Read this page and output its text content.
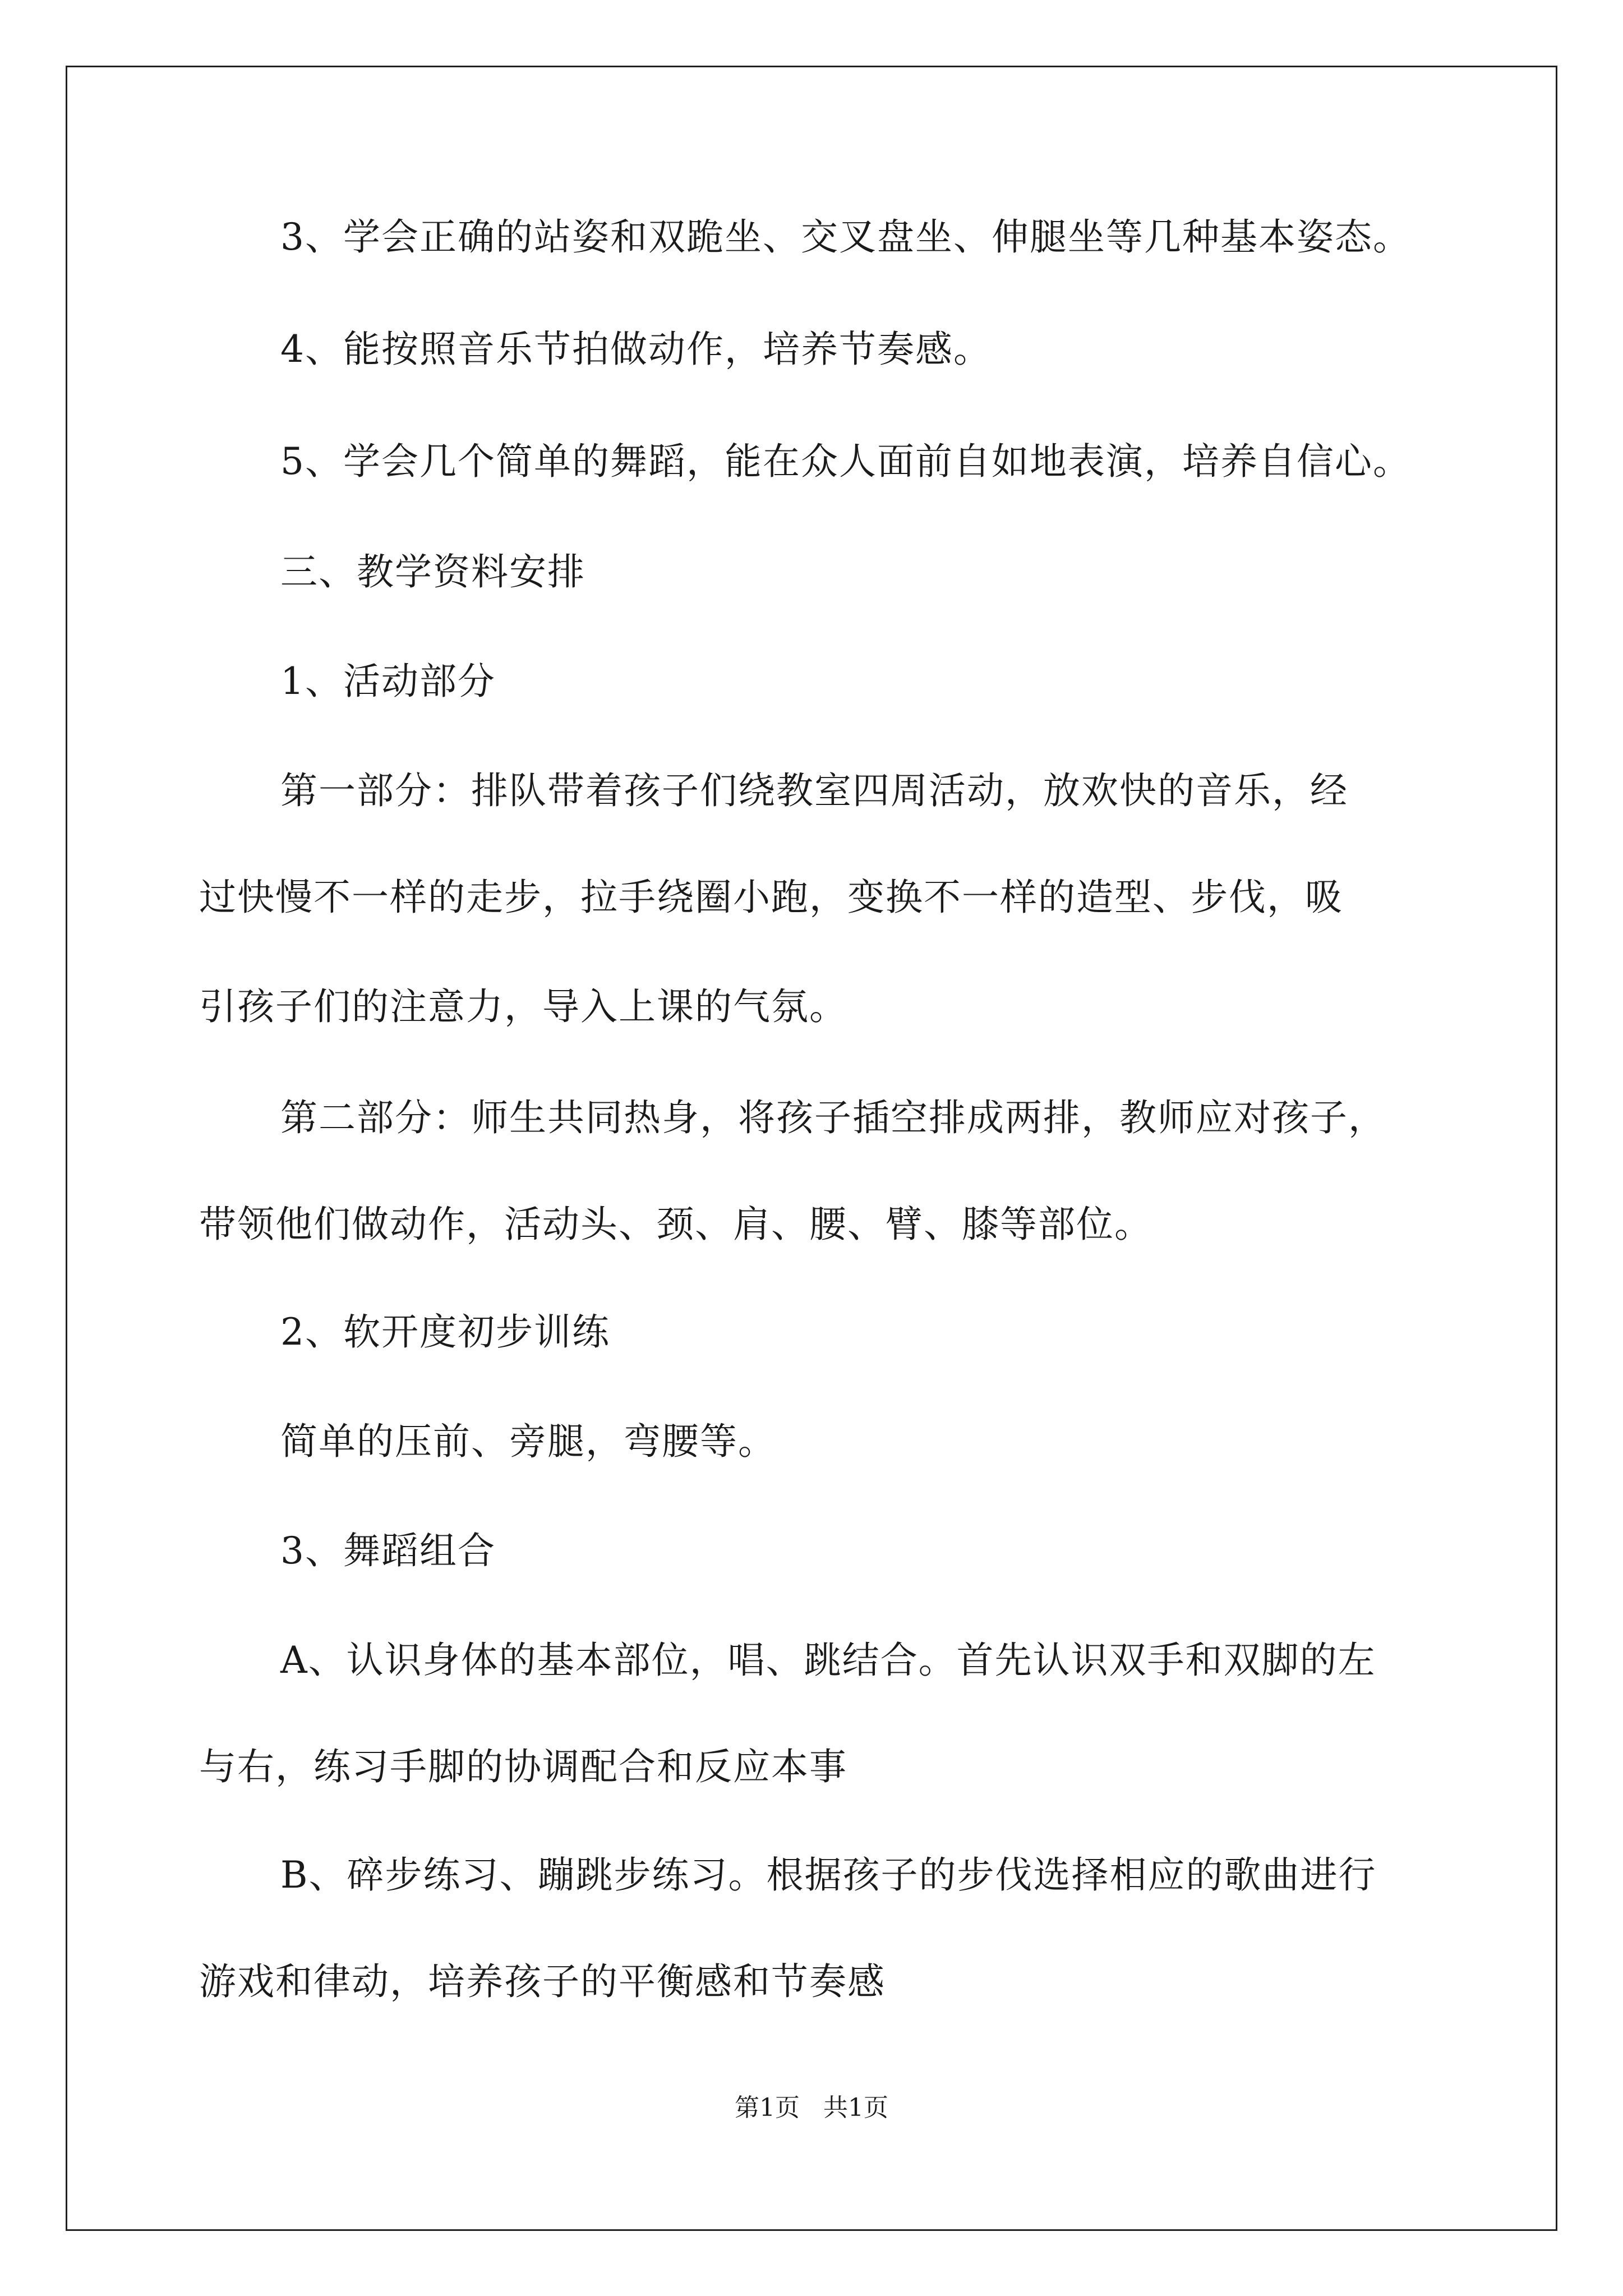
3、学会正确的站姿和双跪坐、交叉盘坐、伸腿坐等几种基本姿态。
4、能按照音乐节拍做动作，培养节奏感。
5、学会几个简单的舞蹈，能在众人面前自如地表演，培养自信心。
三、教学资料安排
1、活动部分
第一部分：排队带着孩子们绕教室四周活动，放欢快的音乐，经
过快慢不一样的走步，拉手绕圈小跑，变换不一样的造型、步伐，吸
引孩子们的注意力，导入上课的气氛。
第二部分：师生共同热身，将孩子插空排成两排，教师应对孩子，
带领他们做动作，活动头、颈、肩、腰、臂、膝等部位。
2、软开度初步训练
简单的压前、旁腿，弯腰等。
3、舞蹈组合
A、认识身体的基本部位，唱、跳结合。首先认识双手和双脚的左
与右，练习手脚的协调配合和反应本事
B、碎步练习、蹦跳步练习。根据孩子的步伐选择相应的歌曲进行
游戏和律动，培养孩子的平衡感和节奏感
第1页   共1页
